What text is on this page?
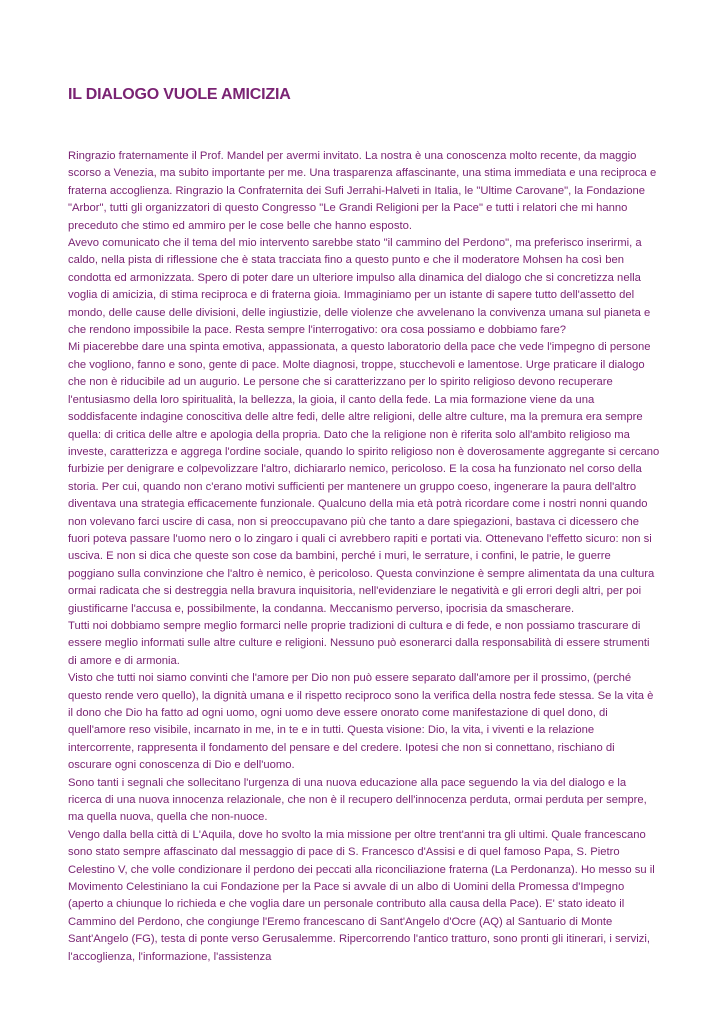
IL DIALOGO VUOLE AMICIZIA

Ringrazio fraternamente il Prof. Mandel per avermi invitato. La nostra è una conoscenza molto recente, da maggio scorso a Venezia, ma subito importante per me. Una trasparenza affascinante, una stima immediata e una reciproca e fraterna accoglienza. Ringrazio la Confraternita dei Sufi Jerrahi-Halveti in Italia, le "Ultime Carovane", la Fondazione "Arbor", tutti gli organizzatori di questo Congresso "Le Grandi Religioni per la Pace" e tutti i relatori che mi hanno preceduto che stimo ed ammiro per le cose belle che hanno esposto.

Avevo comunicato che il tema del mio intervento sarebbe stato "il cammino del Perdono", ma preferisco inserirmi, a caldo, nella pista di riflessione che è stata tracciata fino a questo punto e che il moderatore Mohsen ha così ben condotta ed armonizzata. Spero di poter dare un ulteriore impulso alla dinamica del dialogo che si concretizza nella voglia di amicizia, di stima reciproca e di fraterna gioia. Immaginiamo per un istante di sapere tutto dell'assetto del mondo, delle cause delle divisioni, delle ingiustizie, delle violenze che avvelenano la convivenza umana sul pianeta e che rendono impossibile la pace. Resta sempre l'interrogativo: ora cosa possiamo e dobbiamo fare?

Mi piacerebbe dare una spinta emotiva, appassionata, a questo laboratorio della pace che vede l'impegno di persone che vogliono, fanno e sono, gente di pace. Molte diagnosi, troppe, stucchevoli e lamentose. Urge praticare il dialogo che non è riducibile ad un augurio. Le persone che si caratterizzano per lo spirito religioso devono recuperare l'entusiasmo della loro spiritualità, la bellezza, la gioia, il canto della fede. La mia formazione viene da una soddisfacente indagine conoscitiva delle altre fedi, delle altre religioni, delle altre culture, ma la premura era sempre quella: di critica delle altre e apologia della propria. Dato che la religione non è riferita solo all'ambito religioso ma investe, caratterizza e aggrega l'ordine sociale, quando lo spirito religioso non è doverosamente aggregante si cercano furbizie per denigrare e colpevolizzare l'altro, dichiararlo nemico, pericoloso. E la cosa ha funzionato nel corso della storia. Per cui, quando non c'erano motivi sufficienti per mantenere un gruppo coeso, ingenerare la paura dell'altro diventava una strategia efficacemente funzionale. Qualcuno della mia età potrà ricordare come i nostri nonni quando non volevano farci uscire di casa, non si preoccupavano più che tanto a dare spiegazioni, bastava ci dicessero che fuori poteva passare l'uomo nero o lo zingaro i quali ci avrebbero rapiti e portati via. Ottenevano l'effetto sicuro: non si usciva. E non si dica che queste son cose da bambini, perché i muri, le serrature, i confini, le patrie, le guerre poggiano sulla convinzione che l'altro è nemico, è pericoloso. Questa convinzione è sempre alimentata da una cultura ormai radicata che si destreggia nella bravura inquisitoria, nell'evidenziare le negatività e gli errori degli altri, per poi giustificarne l'accusa e, possibilmente, la condanna. Meccanismo perverso, ipocrisia da smascherare.

Tutti noi dobbiamo sempre meglio formarci nelle proprie tradizioni di cultura e di fede, e non possiamo trascurare di essere meglio informati sulle altre culture e religioni. Nessuno può esonerarci dalla responsabilità di essere strumenti di amore e di armonia.

Visto che tutti noi siamo convinti che l'amore per Dio non può essere separato dall'amore per il prossimo, (perché questo rende vero quello), la dignità umana e il rispetto reciproco sono la verifica della nostra fede stessa. Se la vita è il dono che Dio ha fatto ad ogni uomo, ogni uomo deve essere onorato come manifestazione di quel dono, di quell'amore reso visibile, incarnato in me, in te e in tutti. Questa visione: Dio, la vita, i viventi e la relazione intercorrente, rappresenta il fondamento del pensare e del credere. Ipotesi che non si connettano, rischiano di oscurare ogni conoscenza di Dio e dell'uomo.

Sono tanti i segnali che sollecitano l'urgenza di una nuova educazione alla pace seguendo la via del dialogo e la ricerca di una nuova innocenza relazionale, che non è il recupero dell'innocenza perduta, ormai perduta per sempre, ma quella nuova, quella che non-nuoce.

Vengo dalla bella città di L'Aquila, dove ho svolto la mia missione per oltre trent'anni tra gli ultimi. Quale francescano sono stato sempre affascinato dal messaggio di pace di S. Francesco d'Assisi e di quel famoso Papa, S. Pietro Celestino V, che volle condizionare il perdono dei peccati alla riconciliazione fraterna (La Perdonanza). Ho messo su il Movimento Celestiniano la cui Fondazione per la Pace si avvale di un albo di Uomini della Promessa d'Impegno (aperto a chiunque lo richieda e che voglia dare un personale contributo alla causa della Pace). E' stato ideato il Cammino del Perdono, che congiunge l'Eremo francescano di Sant'Angelo d'Ocre (AQ) al Santuario di Monte Sant'Angelo (FG), testa di ponte verso Gerusalemme. Ripercorrendo l'antico tratturo, sono pronti gli itinerari, i servizi, l'accoglienza, l'informazione, l'assistenza
